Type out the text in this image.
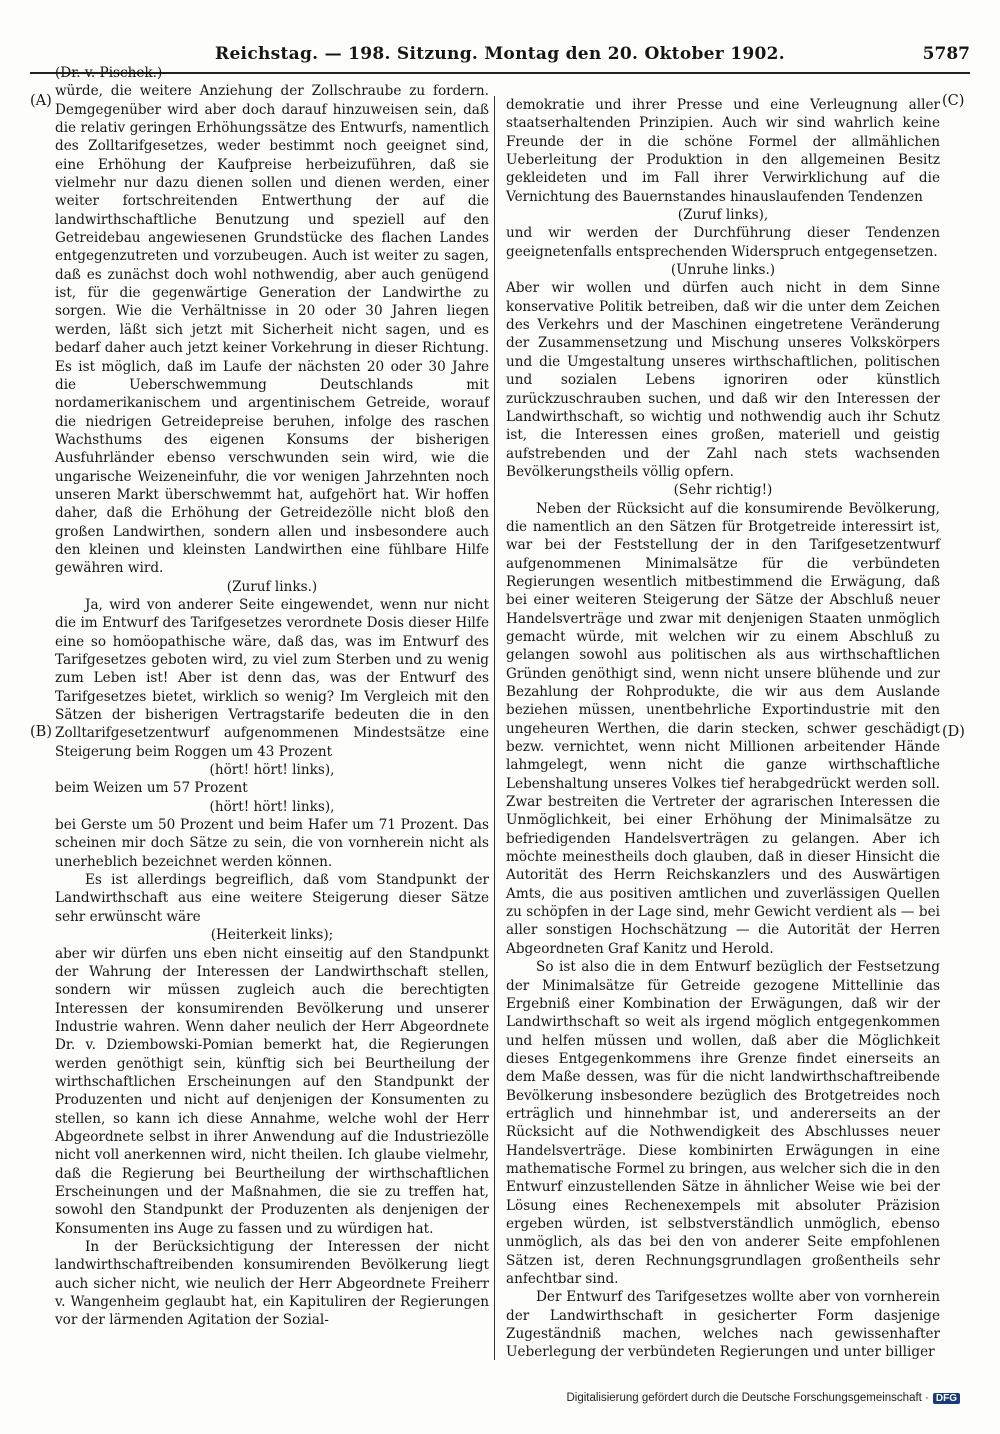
Reichstag. — 198. Sitzung. Montag den 20. Oktober 1902.	5787
(A)
(B)
(C)
(D)

(Dr. v. Pischek.)

würde, die weitere Anziehung der Zollschraube zu fordern. Demgegenüber wird aber doch darauf hinzuweisen sein, daß die relativ geringen Erhöhungssätze des Entwurfs, namentlich des Zolltarifgesetzes, weder bestimmt noch geeignet sind, eine Erhöhung der Kaufpreise herbeizuführen, daß sie vielmehr nur dazu dienen sollen und dienen werden, einer weiter fortschreitenden Entwerthung der auf die landwirthschaftliche Benutzung und speziell auf den Getreidebau angewiesenen Grundstücke des flachen Landes entgegenzutreten und vorzubeugen. Auch ist weiter zu sagen, daß es zunächst doch wohl nothwendig, aber auch genügend ist, für die gegenwärtige Generation der Landwirthe zu sorgen. Wie die Verhältnisse in 20 oder 30 Jahren liegen werden, läßt sich jetzt mit Sicherheit nicht sagen, und es bedarf daher auch jetzt keiner Vorkehrung in dieser Richtung. Es ist möglich, daß im Laufe der nächsten 20 oder 30 Jahre die Ueberschwemmung Deutschlands mit nordamerikanischem und argentinischem Getreide, worauf die niedrigen Getreidepreise beruhen, infolge des raschen Wachsthums des eigenen Konsums der bisherigen Ausfuhrländer ebenso verschwunden sein wird, wie die ungarische Weizeneinfuhr, die vor wenigen Jahrzehnten noch unseren Markt überschwemmt hat, aufgehört hat. Wir hoffen daher, daß die Erhöhung der Getreidezölle nicht bloß den großen Landwirthen, sondern allen und insbesondere auch den kleinen und kleinsten Landwirthen eine fühlbare Hilfe gewähren wird.

(Zuruf links.)

Ja, wird von anderer Seite eingewendet, wenn nur nicht die im Entwurf des Tarifgesetzes verordnete Dosis dieser Hilfe eine so homöopathische wäre, daß das, was im Entwurf des Tarifgesetzes geboten wird, zu viel zum Sterben und zu wenig zum Leben ist! Aber ist denn das, was der Entwurf des Tarifgesetzes bietet, wirklich so wenig? Im Vergleich mit den Sätzen der bisherigen Vertragstarife bedeuten die in den Zolltarifgesetzentwurf aufgenommenen Mindestsätze eine Steigerung beim Roggen um 43 Prozent

(hört! hört! links),

beim Weizen um 57 Prozent

(hört! hört! links),

bei Gerste um 50 Prozent und beim Hafer um 71 Prozent. Das scheinen mir doch Sätze zu sein, die von vornherein nicht als unerheblich bezeichnet werden können.

Es ist allerdings begreiflich, daß vom Standpunkt der Landwirthschaft aus eine weitere Steigerung dieser Sätze sehr erwünscht wäre

(Heiterkeit links);

aber wir dürfen uns eben nicht einseitig auf den Standpunkt der Wahrung der Interessen der Landwirthschaft stellen, sondern wir müssen zugleich auch die berechtigten Interessen der konsumirenden Bevölkerung und unserer Industrie wahren. Wenn daher neulich der Herr Abgeordnete Dr. v. Dziembowski-Pomian bemerkt hat, die Regierungen werden genöthigt sein, künftig sich bei Beurtheilung der wirthschaftlichen Erscheinungen auf den Standpunkt der Produzenten und nicht auf denjenigen der Konsumenten zu stellen, so kann ich diese Annahme, welche wohl der Herr Abgeordnete selbst in ihrer Anwendung auf die Industriezölle nicht voll anerkennen wird, nicht theilen. Ich glaube vielmehr, daß die Regierung bei Beurtheilung der wirthschaftlichen Erscheinungen und der Maßnahmen, die sie zu treffen hat, sowohl den Standpunkt der Produzenten als denjenigen der Konsumenten ins Auge zu fassen und zu würdigen hat.

In der Berücksichtigung der Interessen der nicht landwirthschaftreibenden konsumirenden Bevölkerung liegt auch sicher nicht, wie neulich der Herr Abgeordnete Freiherr v. Wangenheim geglaubt hat, ein Kapituliren der Regierungen vor der lärmenden Agitation der Sozial-

demokratie und ihrer Presse und eine Verleugnung aller staatserhaltenden Prinzipien. Auch wir sind wahrlich keine Freunde der in die schöne Formel der allmählichen Ueberleitung der Produktion in den allgemeinen Besitz gekleideten und im Fall ihrer Verwirklichung auf die Vernichtung des Bauernstandes hinauslaufenden Tendenzen

(Zuruf links),

und wir werden der Durchführung dieser Tendenzen geeignetenfalls entsprechenden Widerspruch entgegensetzen.

(Unruhe links.)

Aber wir wollen und dürfen auch nicht in dem Sinne konservative Politik betreiben, daß wir die unter dem Zeichen des Verkehrs und der Maschinen eingetretene Veränderung der Zusammensetzung und Mischung unseres Volkskörpers und die Umgestaltung unseres wirthschaftlichen, politischen und sozialen Lebens ignoriren oder künstlich zurückzuschrauben suchen, und daß wir den Interessen der Landwirthschaft, so wichtig und nothwendig auch ihr Schutz ist, die Interessen eines großen, materiell und geistig aufstrebenden und der Zahl nach stets wachsenden Bevölkerungstheils völlig opfern.

(Sehr richtig!)

Neben der Rücksicht auf die konsumirende Bevölkerung, die namentlich an den Sätzen für Brotgetreide interessirt ist, war bei der Feststellung der in den Tarifgesetzentwurf aufgenommenen Minimalsätze für die verbündeten Regierungen wesentlich mitbestimmend die Erwägung, daß bei einer weiteren Steigerung der Sätze der Abschluß neuer Handelsverträge und zwar mit denjenigen Staaten unmöglich gemacht würde, mit welchen wir zu einem Abschluß zu gelangen sowohl aus politischen als aus wirthschaftlichen Gründen genöthigt sind, wenn nicht unsere blühende und zur Bezahlung der Rohprodukte, die wir aus dem Auslande beziehen müssen, unentbehrliche Exportindustrie mit den ungeheuren Werthen, die darin stecken, schwer geschädigt bezw. vernichtet, wenn nicht Millionen arbeitender Hände lahmgelegt, wenn nicht die ganze wirthschaftliche Lebenshaltung unseres Volkes tief herabgedrückt werden soll. Zwar bestreiten die Vertreter der agrarischen Interessen die Unmöglichkeit, bei einer Erhöhung der Minimalsätze zu befriedigenden Handelsverträgen zu gelangen. Aber ich möchte meinestheils doch glauben, daß in dieser Hinsicht die Autorität des Herrn Reichskanzlers und des Auswärtigen Amts, die aus positiven amtlichen und zuverlässigen Quellen zu schöpfen in der Lage sind, mehr Gewicht verdient als — bei aller sonstigen Hochschätzung — die Autorität der Herren Abgeordneten Graf Kanitz und Herold.

So ist also die in dem Entwurf bezüglich der Festsetzung der Minimalsätze für Getreide gezogene Mittellinie das Ergebniß einer Kombination der Erwägungen, daß wir der Landwirthschaft so weit als irgend möglich entgegenkommen und helfen müssen und wollen, daß aber die Möglichkeit dieses Entgegenkommens ihre Grenze findet einerseits an dem Maße dessen, was für die nicht landwirthschaftreibende Bevölkerung insbesondere bezüglich des Brotgetreides noch erträglich und hinnehmbar ist, und andererseits an der Rücksicht auf die Nothwendigkeit des Abschlusses neuer Handelsverträge. Diese kombinirten Erwägungen in eine mathematische Formel zu bringen, aus welcher sich die in den Entwurf einzustellenden Sätze in ähnlicher Weise wie bei der Lösung eines Rechenexempels mit absoluter Präzision ergeben würden, ist selbstverständlich unmöglich, ebenso unmöglich, als das bei den von anderer Seite empfohlenen Sätzen ist, deren Rechnungsgrundlagen großentheils sehr anfechtbar sind.

Der Entwurf des Tarifgesetzes wollte aber von vornherein der Landwirthschaft in gesicherter Form dasjenige Zugeständniß machen, welches nach gewissenhafter Ueberlegung der verbündeten Regierungen und unter billiger

Digitalisierung gefördert durch die Deutsche Forschungsgemeinschaft · DFG
